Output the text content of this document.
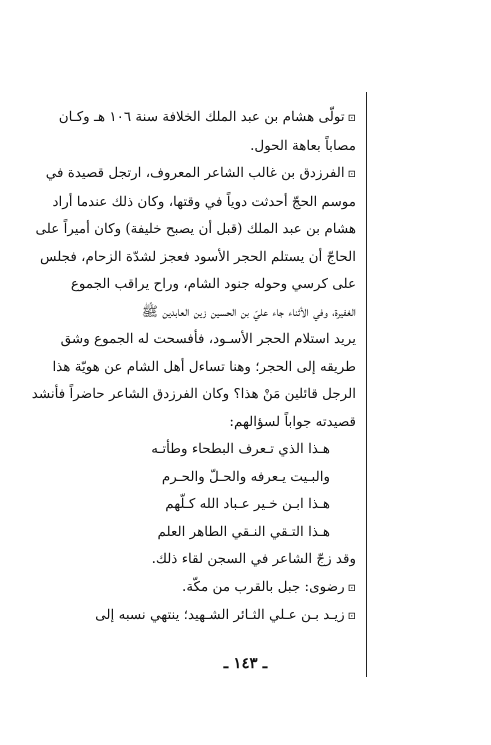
⊡تولّى هشام بن عبد الملك الخلافة سنة ١٠٦ هـ وكـان
مصاباً بعاهة الحول.
⊡الفرزدق بن غالب الشاعر المعروف، ارتجل قصيدة في
موسم الحجّ أحدثت دوياً في وقتها، وكان ذلك عندما أراد
هشام بن عبد الملك (قبل أن يصبح خليفة) وكان أميراً على
الحاجّ أن يستلم الحجر الأسود فعجز لشدّة الزحام، فجلس
على كرسي وحوله جنود الشام، وراح يراقب الجموع
الغفيرة، وفي الأثناء جاء عليّ بن الحسين زين العابدين ﷺ
يريد استلام الحجر الأسـود، فأفسحت له الجموع وشق
طريقه إلى الحجر؛ وهنا تساءل أهل الشام عن هويّة هذا
الرجل قائلين مَنْ هذا؟ وكان الفرزدق الشاعر حاضراً فأنشد
قصيدته جواباً لسؤالهم:
هـذا الذي تـعرف البطحاء وطأتـه
والبـيت يـعرفه والحـلّ والحـرم
هـذا ابـن خـير عـباد الله كـلّهم
هـذا التـقي النـقي الطاهر العلم
وقد زجّ الشاعر في السجن لقاء ذلك.
⊡رضوى: جبل بالقرب من مكّة.
⊡زيـد بـن عـلي الثـائر الشـهيد؛ ينتهي نسبه إلى
ـ ١٤٣ ـ
